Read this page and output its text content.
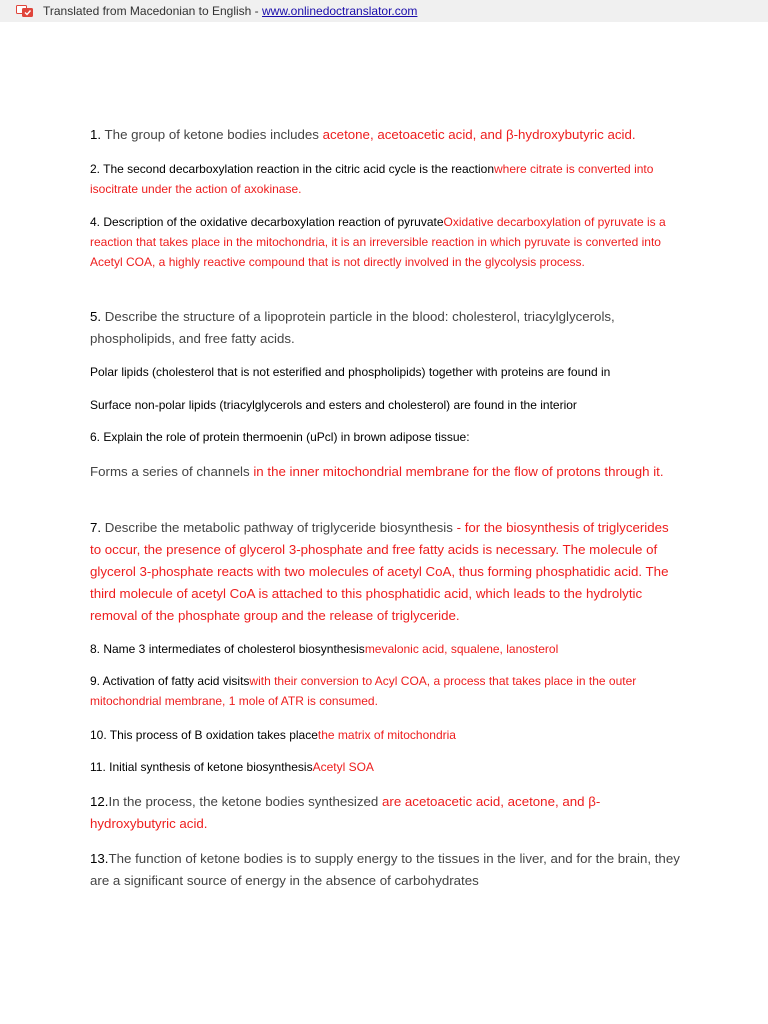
Translated from Macedonian to English - www.onlinedoctranslator.com

1. The group of ketone bodies includes acetone, acetoacetic acid, and β-hydroxybutyric acid.

2. The second decarboxylation reaction in the citric acid cycle is the reactionwhere citrate is converted into isocitrate under the action of axokinase.

4. Description of the oxidative decarboxylation reaction of pyruvateOxidative decarboxylation of pyruvate is a reaction that takes place in the mitochondria, it is an irreversible reaction in which pyruvate is converted into Acetyl COA, a highly reactive compound that is not directly involved in the glycolysis process.

5. Describe the structure of a lipoprotein particle in the blood: cholesterol, triacylglycerols, phospholipids, and free fatty acids.

Polar lipids (cholesterol that is not esterified and phospholipids) together with proteins are found in

Surface non-polar lipids (triacylglycerols and esters and cholesterol) are found in the interior

6. Explain the role of protein thermoenin (uPcl) in brown adipose tissue:

Forms a series of channels in the inner mitochondrial membrane for the flow of protons through it.

7. Describe the metabolic pathway of triglyceride biosynthesis - for the biosynthesis of triglycerides to occur, the presence of glycerol 3-phosphate and free fatty acids is necessary. The molecule of glycerol 3-phosphate reacts with two molecules of acetyl CoA, thus forming phosphatidic acid. The third molecule of acetyl CoA is attached to this phosphatidic acid, which leads to the hydrolytic removal of the phosphate group and the release of triglyceride.

8. Name 3 intermediates of cholesterol biosynthesismevalonic acid, squalene, lanosterol

9. Activation of fatty acid visitswith their conversion to Acyl COA, a process that takes place in the outer mitochondrial membrane, 1 mole of ATR is consumed.

10. This process of B oxidation takes placethe matrix of mitochondria

11. Initial synthesis of ketone biosynthesisAcetyl SOA

12.In the process, the ketone bodies synthesized are acetoacetic acid, acetone, and β-hydroxybutyric acid.

13.The function of ketone bodies is to supply energy to the tissues in the liver, and for the brain, they are a significant source of energy in the absence of carbohydrates
